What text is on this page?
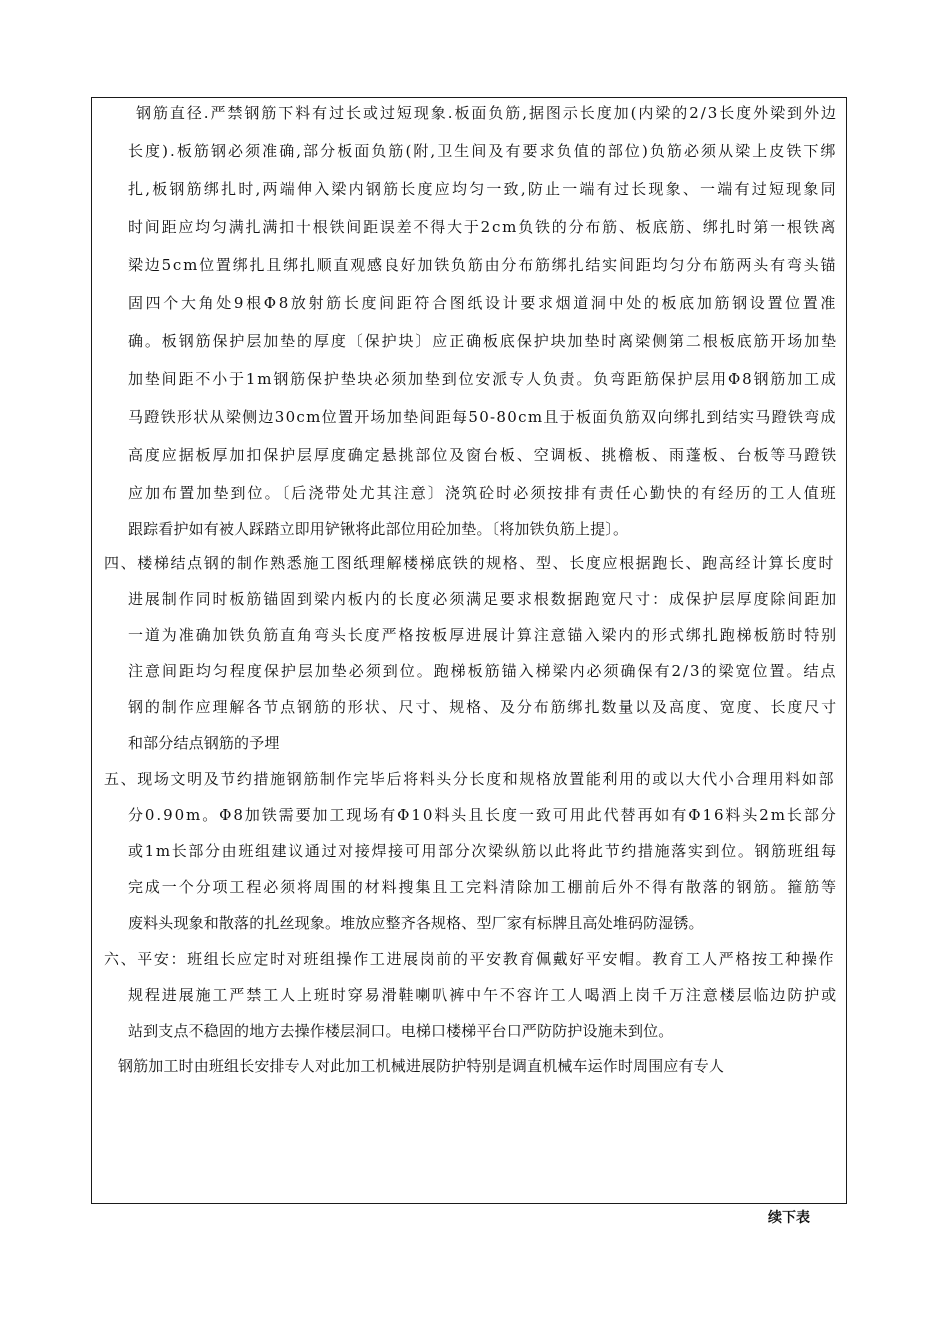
钢筋直径.严禁钢筋下料有过长或过短现象.板面负筋,据图示长度加(内梁的2/3长度外梁到外边
长度).板筋钢必须准确,部分板面负筋(附,卫生间及有要求负值的部位)负筋必须从梁上皮铁下绑
扎,板钢筋绑扎时,两端伸入梁内钢筋长度应均匀一致,防止一端有过长现象、一端有过短现象同
时间距应均匀满扎满扣十根铁间距误差不得大于2cm负铁的分布筋、板底筋、绑扎时第一根铁离
梁边5cm位置绑扎且绑扎顺直观感良好加铁负筋由分布筋绑扎结实间距均匀分布筋两头有弯头锚
固四个大角处9根Φ8放射筋长度间距符合图纸设计要求烟道洞中处的板底加筋钢设置位置准
确。板钢筋保护层加垫的厚度〔保护块〕应正确板底保护块加垫时离梁侧第二根板底筋开场加垫
加垫间距不小于1m钢筋保护垫块必须加垫到位安派专人负责。负弯距筋保护层用Φ8钢筋加工成
马蹬铁形状从梁侧边30cm位置开场加垫间距每50-80cm且于板面负筋双向绑扎到结实马蹬铁弯成
高度应据板厚加扣保护层厚度确定悬挑部位及窗台板、空调板、挑檐板、雨蓬板、台板等马蹬铁
应加布置加垫到位。〔后浇带处尤其注意〕浇筑砼时必须按排有责任心勤快的有经历的工人值班
跟踪看护如有被人踩踏立即用铲锹将此部位用砼加垫。〔将加铁负筋上提〕。
四、楼梯结点钢的制作熟悉施工图纸理解楼梯底铁的规格、型、长度应根据跑长、跑高经计算长度时
进展制作同时板筋锚固到梁内板内的长度必须满足要求根数据跑宽尺寸：成保护层厚度除间距加
一道为准确加铁负筋直角弯头长度严格按板厚进展计算注意锚入梁内的形式绑扎跑梯板筋时特别
注意间距均匀程度保护层加垫必须到位。跑梯板筋锚入梯梁内必须确保有2/3的梁宽位置。结点
钢的制作应理解各节点钢筋的形状、尺寸、规格、及分布筋绑扎数量以及高度、宽度、长度尺寸
和部分结点钢筋的予埋
五、现场文明及节约措施钢筋制作完毕后将料头分长度和规格放置能利用的或以大代小合理用料如部
分0.90m。Φ8加铁需要加工现场有Φ10料头且长度一致可用此代替再如有Φ16料头2m长部分
或1m长部分由班组建议通过对接焊接可用部分次梁纵筋以此将此节约措施落实到位。钢筋班组每
完成一个分项工程必须将周围的材料搜集且工完料清除加工棚前后外不得有散落的钢筋。箍筋等
废料头现象和散落的扎丝现象。堆放应整齐各规格、型厂家有标牌且高处堆码防湿锈。
六、平安：班组长应定时对班组操作工进展岗前的平安教育佩戴好平安帽。教育工人严格按工种操作
规程进展施工严禁工人上班时穿易滑鞋喇叭裤中午不容许工人喝酒上岗千万注意楼层临边防护或
站到支点不稳固的地方去操作楼层洞口。电梯口楼梯平台口严防防护设施未到位。
钢筋加工时由班组长安排专人对此加工机械进展防护特别是调直机械车运作时周围应有专人
续下表
